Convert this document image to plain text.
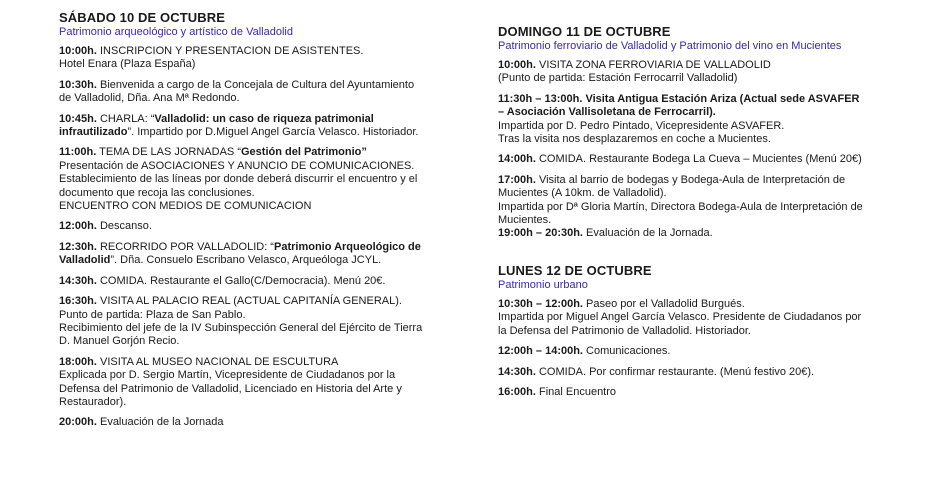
SÁBADO 10 DE OCTUBRE
Patrimonio arqueológico y artístico de Valladolid
10:00h. INSCRIPCION Y PRESENTACION DE ASISTENTES.
Hotel Enara (Plaza España)
10:30h. Bienvenida a cargo de la Concejala de Cultura del Ayuntamiento
de Valladolid, Dña. Ana Mª Redondo.
10:45h. CHARLA: “Valladolid: un caso de riqueza patrimonial
infrautilizado”. Impartido por D.Miguel Angel García Velasco. Historiador.
11:00h. TEMA DE LAS JORNADAS “Gestión del Patrimonio”
Presentación de ASOCIACIONES Y ANUNCIO DE COMUNICACIONES.
Establecimiento de las líneas por donde deberá discurrir el encuentro y el
documento que recoja las conclusiones.
ENCUENTRO CON MEDIOS DE COMUNICACION
12:00h. Descanso.
12:30h. RECORRIDO POR VALLADOLID: “Patrimonio Arqueológico de
Valladolid”. Dña. Consuelo Escribano Velasco, Arqueóloga JCYL.
14:30h. COMIDA. Restaurante el Gallo(C/Democracia). Menú 20€.
16:30h. VISITA AL PALACIO REAL (ACTUAL CAPITANÍA GENERAL).
Punto de partida: Plaza de San Pablo.
Recibimiento del jefe de la IV Subinspección General del Ejército de Tierra
D. Manuel Gorjón Recio.
18:00h. VISITA AL MUSEO NACIONAL DE ESCULTURA
Explicada por D. Sergio Martín, Vicepresidente de Ciudadanos por la
Defensa del Patrimonio de Valladolid, Licenciado en Historia del Arte y
Restaurador).
20:00h. Evaluación de la Jornada
DOMINGO 11 DE OCTUBRE
Patrimonio ferroviario de Valladolid y Patrimonio del vino en Mucientes
10:00h. VISITA ZONA FERROVIARIA DE VALLADOLID
(Punto de partida: Estación Ferrocarril Valladolid)
11:30h – 13:00h. Visita Antigua Estación Ariza (Actual sede ASVAFER
– Asociación Vallisoletana de Ferrocarril).
Impartida por D. Pedro Pintado, Vicepresidente ASVAFER.
Tras la visita nos desplazaremos en coche a Mucientes.
14:00h. COMIDA. Restaurante Bodega La Cueva – Mucientes (Menú 20€)
17:00h. Visita al barrio de bodegas y Bodega-Aula de Interpretación de
Mucientes (A 10km. de Valladolid).
Impartida por Dª Gloria Martín, Directora Bodega-Aula de Interpretación de
Mucientes.
19:00h – 20:30h. Evaluación de la Jornada.
LUNES 12 DE OCTUBRE
Patrimonio urbano
10:30h – 12:00h. Paseo por el Valladolid Burgués.
Impartida por Miguel Angel García Velasco. Presidente de Ciudadanos por
la Defensa del Patrimonio de Valladolid. Historiador.
12:00h – 14:00h. Comunicaciones.
14:30h. COMIDA. Por confirmar restaurante. (Menú festivo 20€).
16:00h. Final Encuentro
